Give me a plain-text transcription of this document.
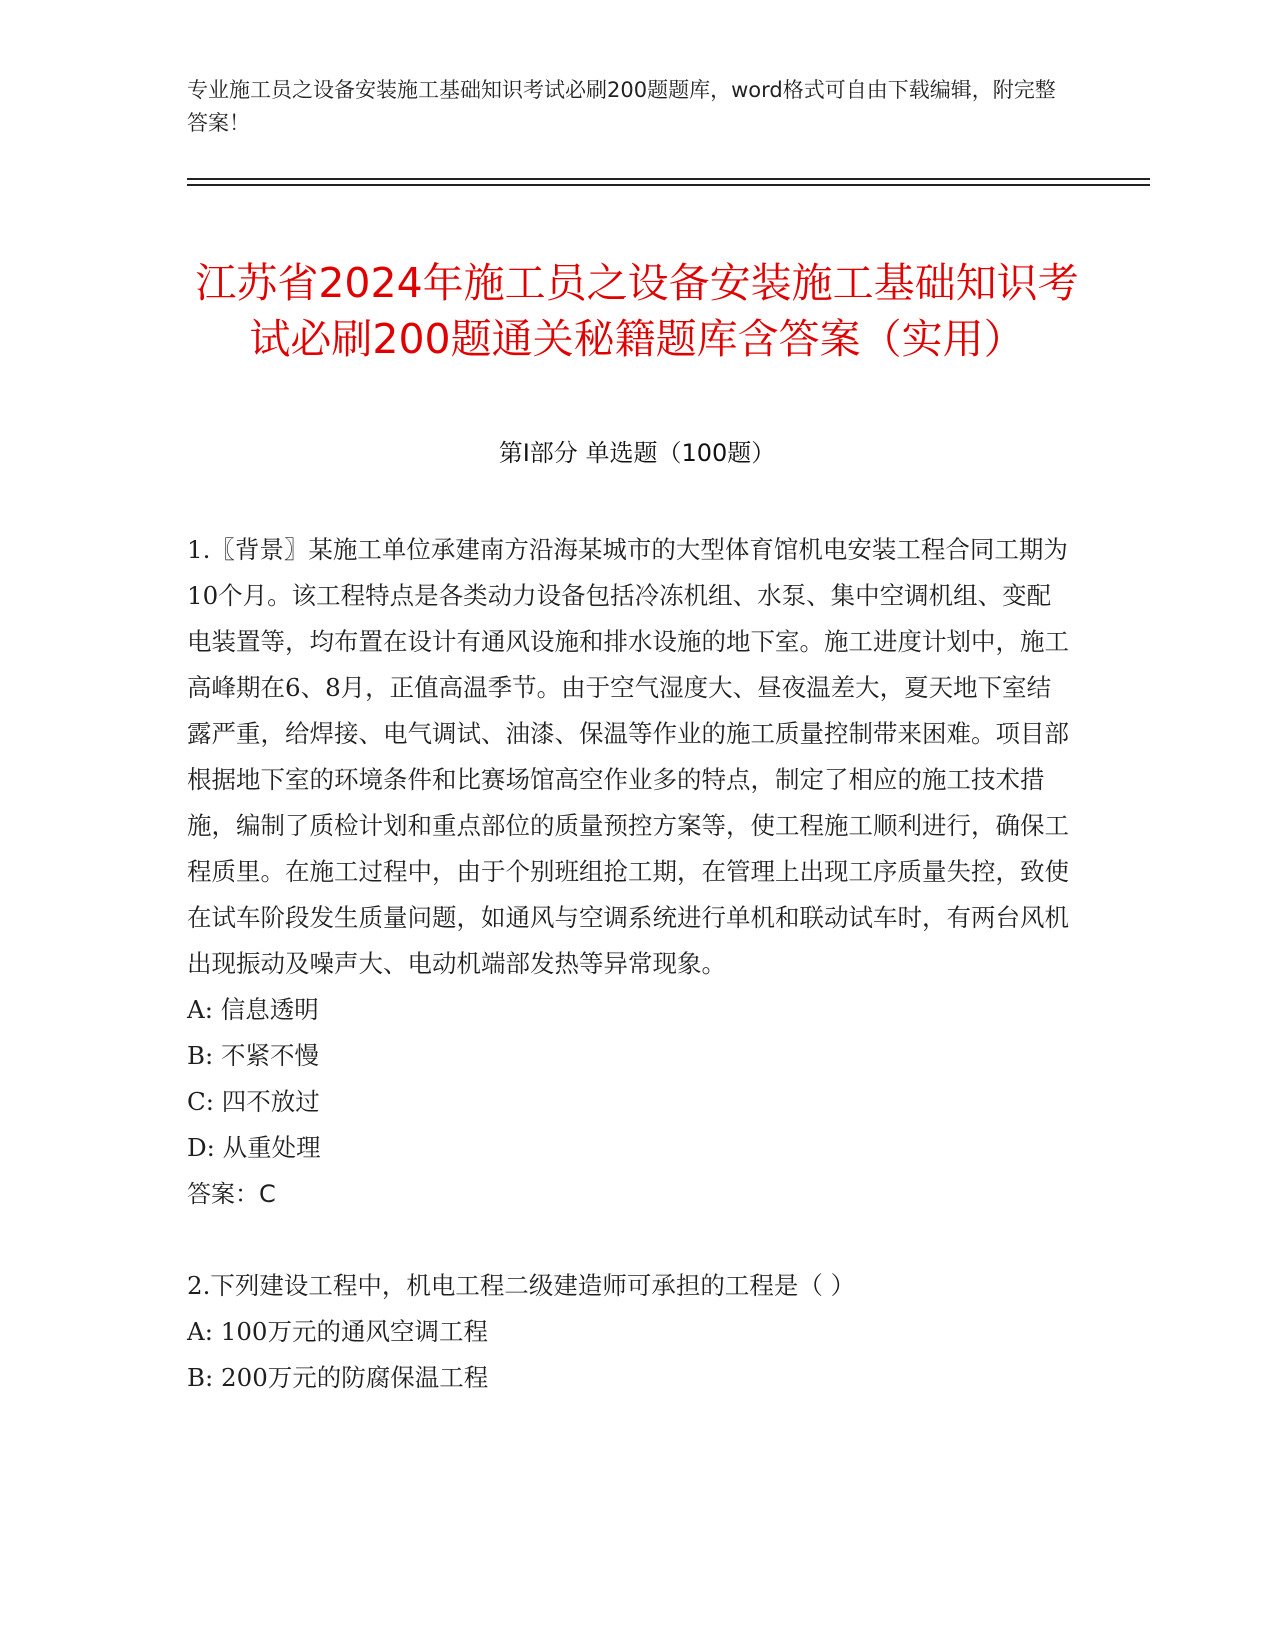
专业施工员之设备安装施工基础知识考试必刷200题题库，word格式可自由下载编辑，附完整答案！
江苏省2024年施工员之设备安装施工基础知识考试必刷200题通关秘籍题库含答案（实用）
第I部分 单选题（100题）

1.〖背景〗某施工单位承建南方沿海某城市的大型体育馆机电安装工程合同工期为10个月。该工程特点是各类动力设备包括冷冻机组、水泵、集中空调机组、变配电装置等，均布置在设计有通风设施和排水设施的地下室。施工进度计划中，施工高峰期在6、8月，正值高温季节。由于空气湿度大、昼夜温差大，夏天地下室结露严重，给焊接、电气调试、油漆、保温等作业的施工质量控制带来困难。项目部根据地下室的环境条件和比赛场馆高空作业多的特点，制定了相应的施工技术措施，编制了质检计划和重点部位的质量预控方案等，使工程施工顺利进行，确保工程质里。在施工过程中，由于个别班组抢工期，在管理上出现工序质量失控，致使在试车阶段发生质量问题，如通风与空调系统进行单机和联动试车时，有两台风机出现振动及噪声大、电动机端部发热等异常现象。

A: 信息透明

B: 不紧不慢

C: 四不放过

D: 从重处理

答案：C

2.下列建设工程中，机电工程二级建造师可承担的工程是（ ）

A: 100万元的通风空调工程

B: 200万元的防腐保温工程
